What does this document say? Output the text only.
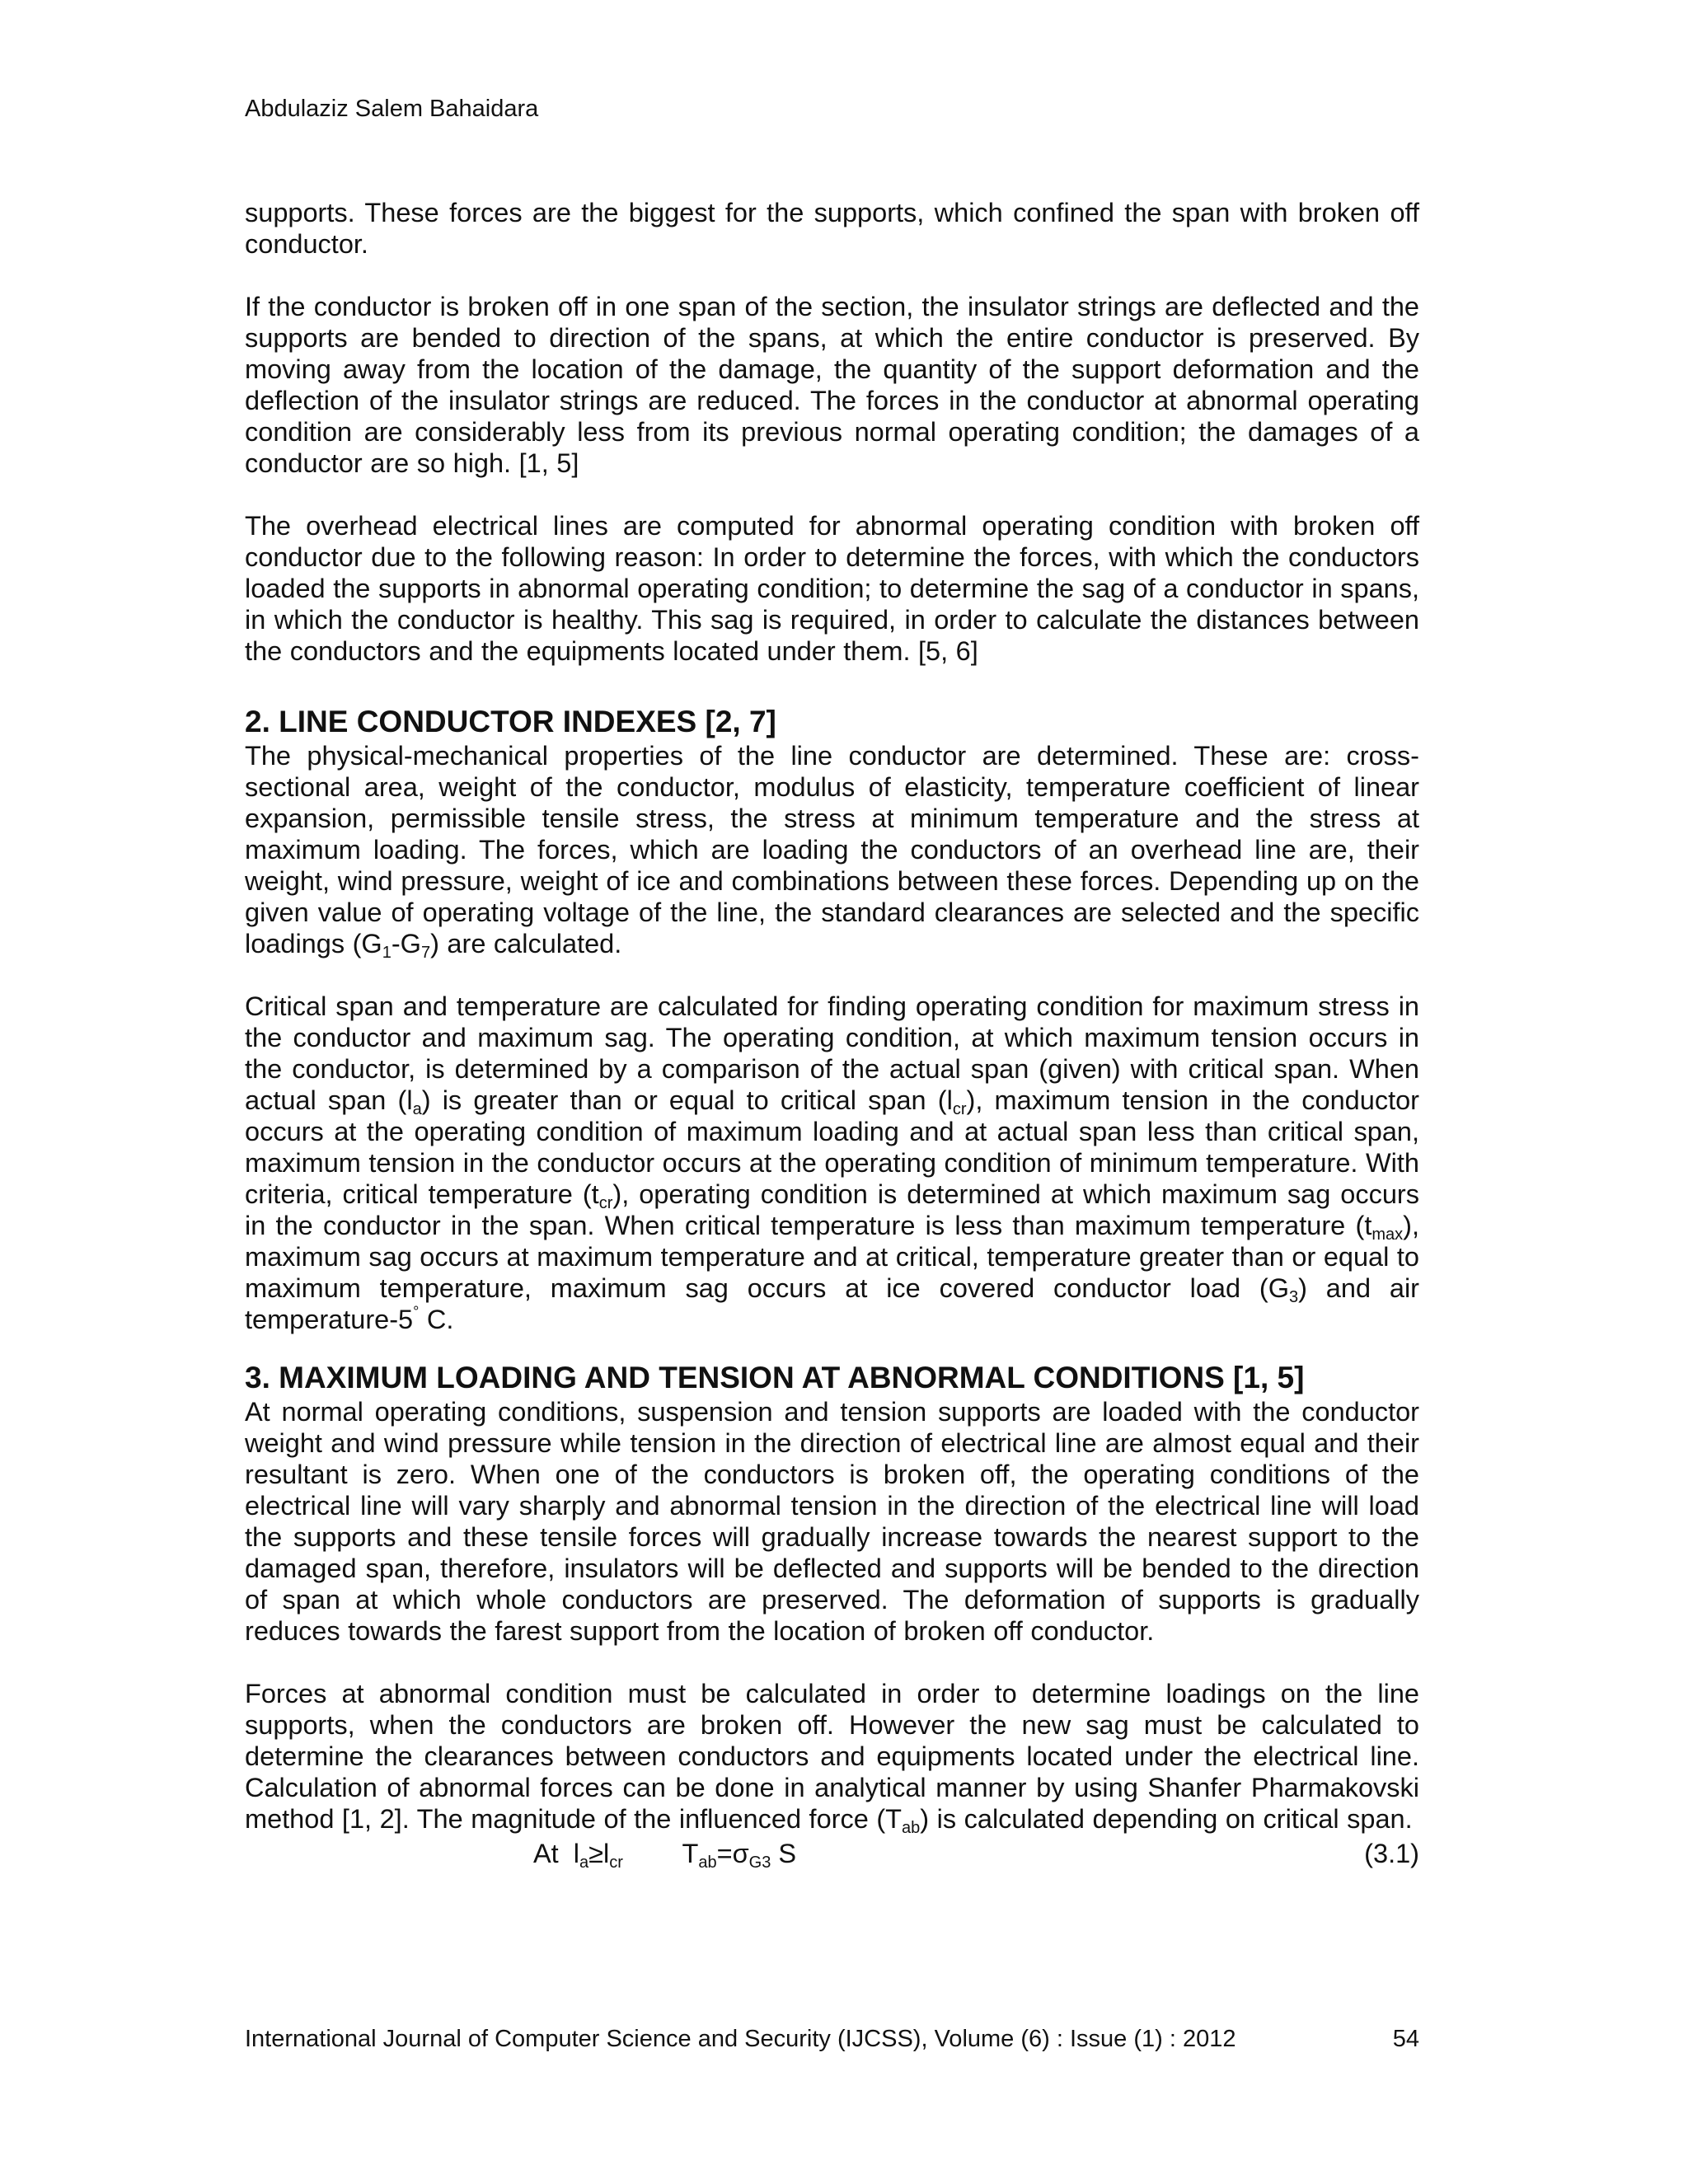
Abdulaziz Salem Bahaidara

supports. These forces are the biggest for the supports, which confined the span with broken off conductor.

If the conductor is broken off in one span of the section, the insulator strings are deflected and the supports are bended to direction of the spans, at which the entire conductor is preserved. By moving away from the location of the damage, the quantity of the support deformation and the deflection of the insulator strings are reduced. The forces in the conductor at abnormal operating condition are considerably less from its previous normal operating condition; the damages of a conductor are so high. [1, 5]

The overhead electrical lines are computed for abnormal operating condition with broken off conductor due to the following reason: In order to determine the forces, with which the conductors loaded the supports in abnormal operating condition; to determine the sag of a conductor in spans, in which the conductor is healthy. This sag is required, in order to calculate the distances between the conductors and the equipments located under them. [5, 6]

2. LINE CONDUCTOR INDEXES [2, 7]

The physical-mechanical properties of the line conductor are determined. These are: cross-sectional area, weight of the conductor, modulus of elasticity, temperature coefficient of linear expansion, permissible tensile stress, the stress at minimum temperature and the stress at maximum loading. The forces, which are loading the conductors of an overhead line are, their weight, wind pressure, weight of ice and combinations between these forces. Depending up on the given value of operating voltage of the line, the standard clearances are selected and the specific loadings $(G_1-G_7)$ are calculated.

Critical span and temperature are calculated for finding operating condition for maximum stress in the conductor and maximum sag. The operating condition, at which maximum tension occurs in the conductor, is determined by a comparison of the actual span (given) with critical span. When actual span $(l_a)$ is greater than or equal to critical span $(l_{cr})$, maximum tension in the conductor occurs at the operating condition of maximum loading and at actual span less than critical span, maximum tension in the conductor occurs at the operating condition of minimum temperature. With criteria, critical temperature $(t_{cr})$, operating condition is determined at which maximum sag occurs in the conductor in the span. When critical temperature is less than maximum temperature $(t_{max})$, maximum sag occurs at maximum temperature and at critical, temperature greater than or equal to maximum temperature, maximum sag occurs at ice covered conductor load $(G_3)$ and air temperature-5° C.

3. MAXIMUM LOADING AND TENSION AT ABNORMAL CONDITIONS [1, 5]

At normal operating conditions, suspension and tension supports are loaded with the conductor weight and wind pressure while tension in the direction of electrical line are almost equal and their resultant is zero. When one of the conductors is broken off, the operating conditions of the electrical line will vary sharply and abnormal tension in the direction of the electrical line will load the supports and these tensile forces will gradually increase towards the nearest support to the damaged span, therefore, insulators will be deflected and supports will be bended to the direction of span at which whole conductors are preserved. The deformation of supports is gradually reduces towards the farest support from the location of broken off conductor.

Forces at abnormal condition must be calculated in order to determine loadings on the line supports, when the conductors are broken off. However the new sag must be calculated to determine the clearances between conductors and equipments located under the electrical line. Calculation of abnormal forces can be done in analytical manner by using Shanfer Pharmakovski method [1, 2]. The magnitude of the influenced force $(T_{ab})$ is calculated depending on critical span.

At  $l_a\ge l_{cr}$        $T_{ab}=\sigma_{G3}$ S	(3.1)
International Journal of Computer Science and Security (IJCSS), Volume (6) : Issue (1) : 2012	54
